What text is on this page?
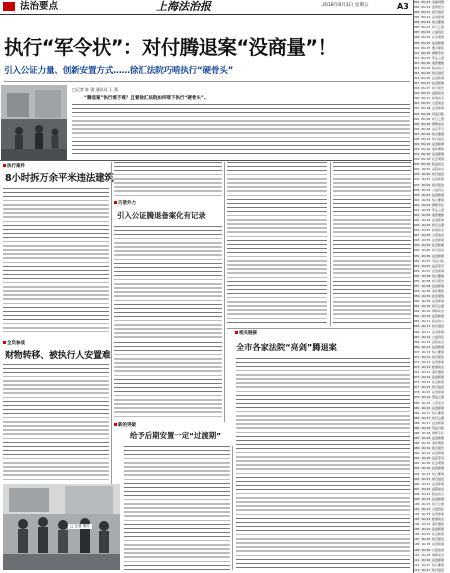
法治要点	上海法治报	2018年8月3日 星期五	A3
执行“军令状”：对付腾退案“没商量”！
引入公证力量、创新安置方式……徐汇法院巧啃执行“硬骨头”
□记者 陈 强 通讯员 王 燕
“腾退案”执行难不难？且看徐汇法院如何啃下执行“硬骨头”。
执行案件
8小时拆万余平米违法建筑
全员参战
财物转移、被执行人安置难
□ 记者 图片
巧借外力
引入公证腾退备案化有记录
新的突破
给予后期安置一定“过渡期”
相关链接
全市各家法院“亮剑”腾退案
001 09/23 台前判刑
002 09/23 监管报告
003 09/23 执行信息
004 09/24 法治新闻
005 09/24 综合要闻
006 09/24 执行之窗
007 09/24 公益诉讼
008 09/25 社会观察
009 09/25 法治新闻
010 09/25 要点简报
011 09/25 律师专栏
012 09/25 普法之窗
013 09/26 案件聚焦
014 09/26 政法综合
015 09/26 执行信息
016 09/26 法治新闻
017 09/27 社会新闻
018 09/27 执行报告
019 09/27 法院动态
020 09/27 检察动态
021 09/27 公安动态
022 09/28 法治新闻
023 09/28 司法行政
024 09/28 执行之窗
025 09/28 律师动态
026 09/28 法官手记
027 09/29 综合要闻
028 09/29 执行信息
029 09/29 法治新闻
030 09/29 案件聚焦
031 09/30 法治新闻
032 09/30 社会观察
033 09/30 政法综合
034 10/01 法院动态
035 10/01 执行信息
036 10/01 法治新闻
037 10/02 执行报告
038 10/02 公益诉讼
039 10/02 法治新闻
040 10/03 综合要闻
041 10/03 律师专栏
042 10/03 普法之窗
043 10/04 案件聚焦
044 10/04 法治新闻
045 10/04 执行之窗
046 10/05 检察动态
047 10/05 公安动态
048 10/05 法治新闻
049 10/06 社会新闻
050 10/06 执行信息
051 10/06 法治新闻
052 10/07 司法行政
053 10/07 法官手记
054 10/07 法治新闻
055 10/08 综合要闻
056 10/08 执行报告
057 10/08 法治新闻
058 10/09 案件聚焦
059 10/09 社会观察
060 10/09 法治新闻
061 10/10 执行之窗
062 10/10 律师动态
063 10/10 法治新闻
064 10/11 政法综合
065 10/11 执行信息
066 10/11 法治新闻
067 10/12 公益诉讼
068 10/12 法院动态
069 10/12 法治新闻
070 10/13 综合要闻
071 10/13 执行报告
072 10/13 法治新闻
073 10/14 检察动态
074 10/14 案件聚焦
075 10/14 法治新闻
076 10/15 社会新闻
077 10/15 执行信息
078 10/15 法治新闻
079 10/16 普法之窗
080 10/16 公安动态
081 10/16 法治新闻
082 10/17 综合要闻
083 10/17 执行之窗
084 10/17 法治新闻
085 10/18 司法行政
086 10/18 律师专栏
087 10/18 法治新闻
088 10/19 案件聚焦
089 10/19 执行报告
090 10/19 法治新闻
091 10/20 法官手记
092 10/20 社会观察
093 10/20 法治新闻
094 10/21 综合要闻
095 10/21 执行信息
096 10/21 法治新闻
097 10/22 法院动态
098 10/22 政法综合
099 10/22 法治新闻
100 10/23 执行之窗
101 10/23 公益诉讼
102 10/23 法治新闻
103 10/24 检察动态
104 10/24 案件聚焦
105 10/24 法治新闻
106 10/25 社会新闻
107 10/25 执行报告
108 10/25 法治新闻
109 10/26 公安动态
110 10/26 律师动态
111 10/26 法治新闻
112 10/27 综合要闻
113 10/27 执行信息
